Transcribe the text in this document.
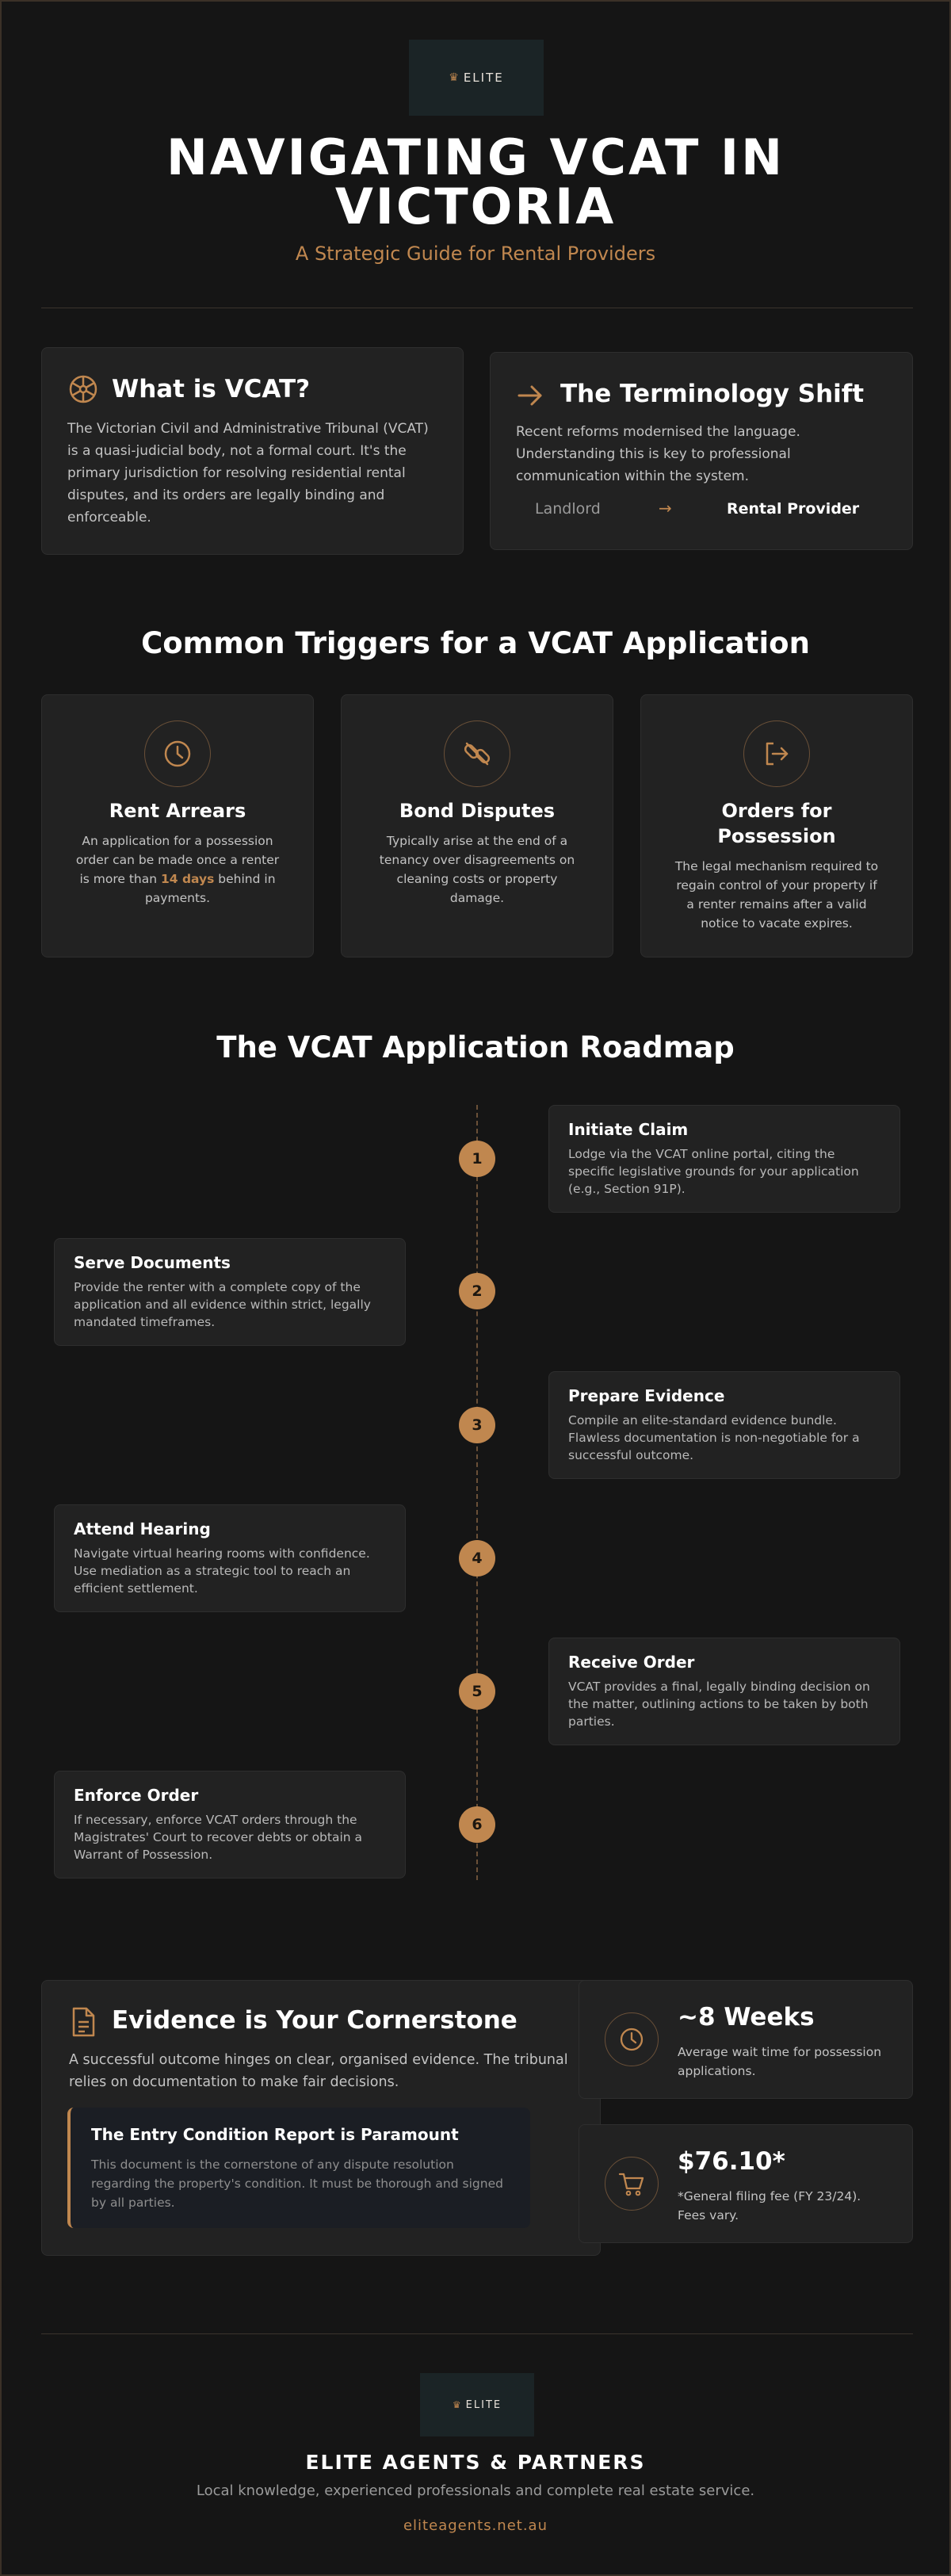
♛ ELITE
NAVIGATING VCAT IN
VICTORIA
A Strategic Guide for Rental Providers
What is VCAT?
The Victorian Civil and Administrative Tribunal (VCAT) is a quasi-judicial body, not a formal court. It's the primary jurisdiction for resolving residential rental disputes, and its orders are legally binding and enforceable.
The Terminology Shift
Recent reforms modernised the language. Understanding this is key to professional communication within the system.
Landlord	→	Rental Provider
Common Triggers for a VCAT Application
Rent Arrears
An application for a possession order can be made once a renter is more than 14 days behind in payments.
Bond Disputes
Typically arise at the end of a tenancy over disagreements on cleaning costs or property damage.
Orders for
Possession
The legal mechanism required to regain control of your property if a renter remains after a valid notice to vacate expires.
The VCAT Application Roadmap
1
Initiate Claim
Lodge via the VCAT online portal, citing the specific legislative grounds for your application (e.g., Section 91P).
2
Serve Documents
Provide the renter with a complete copy of the application and all evidence within strict, legally mandated timeframes.
3
Prepare Evidence
Compile an elite-standard evidence bundle. Flawless documentation is non-negotiable for a successful outcome.
4
Attend Hearing
Navigate virtual hearing rooms with confidence. Use mediation as a strategic tool to reach an efficient settlement.
5
Receive Order
VCAT provides a final, legally binding decision on the matter, outlining actions to be taken by both parties.
6
Enforce Order
If necessary, enforce VCAT orders through the Magistrates' Court to recover debts or obtain a Warrant of Possession.
Evidence is Your Cornerstone
A successful outcome hinges on clear, organised evidence. The tribunal relies on documentation to make fair decisions.
The Entry Condition Report is Paramount
This document is the cornerstone of any dispute resolution regarding the property's condition. It must be thorough and signed by all parties.
~8 Weeks
Average wait time for possession applications.
$76.10*
*General filing fee (FY 23/24). Fees vary.
♛ ELITE
ELITE AGENTS & PARTNERS
Local knowledge, experienced professionals and complete real estate service.
eliteagents.net.au
